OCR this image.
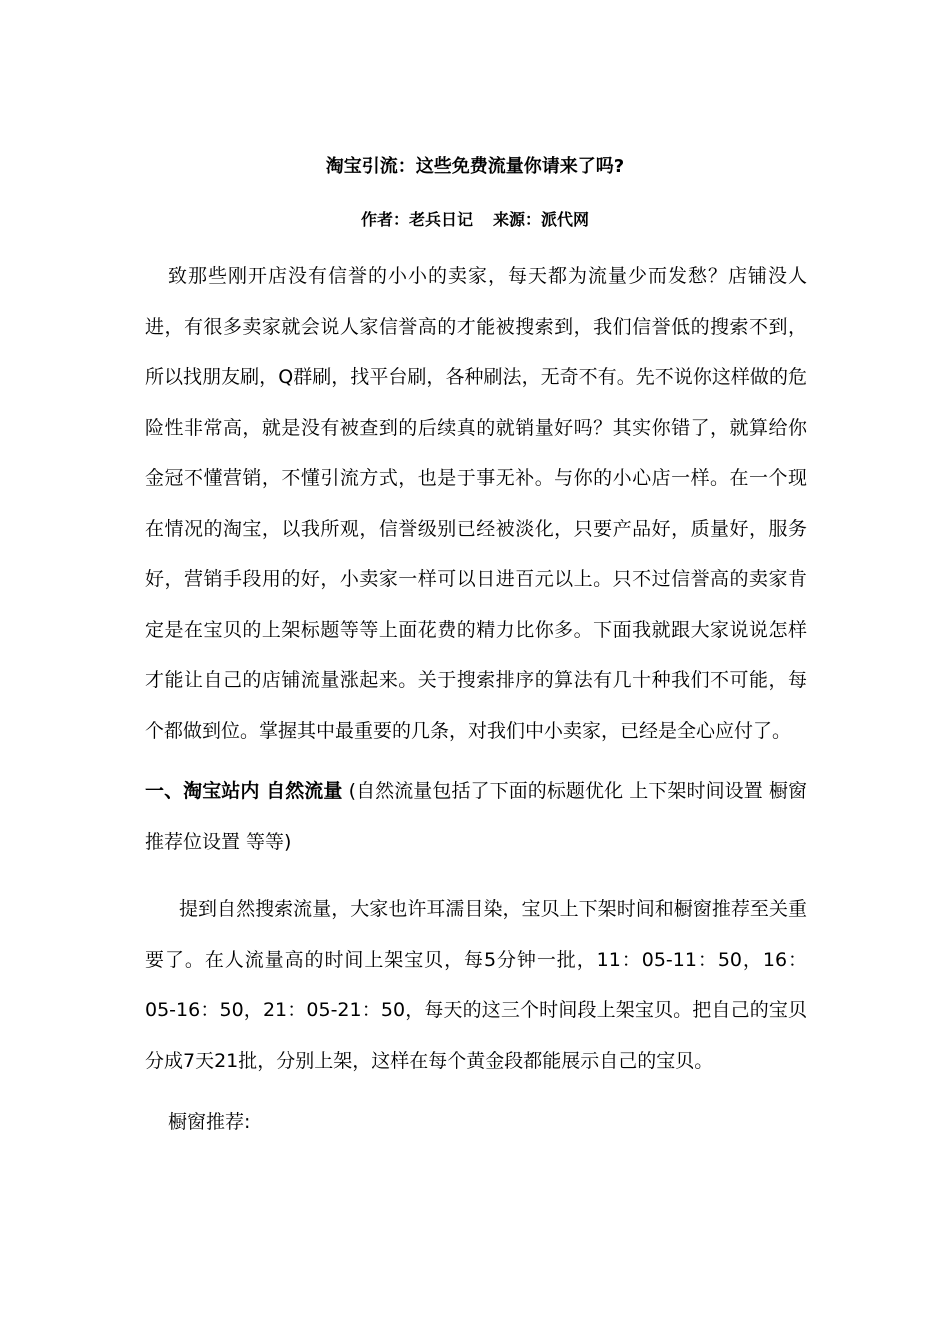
淘宝引流：这些免费流量你请来了吗?
作者：老兵日记 来源：派代网

致那些刚开店没有信誉的小小的卖家，每天都为流量少而发愁？店铺没人进，有很多卖家就会说人家信誉高的才能被搜索到，我们信誉低的搜索不到，所以找朋友刷，Q群刷，找平台刷，各种刷法，无奇不有。先不说你这样做的危险性非常高，就是没有被查到的后续真的就销量好吗？其实你错了，就算给你金冠不懂营销，不懂引流方式，也是于事无补。与你的小心店一样。在一个现在情况的淘宝，以我所观，信誉级别已经被淡化，只要产品好，质量好，服务好，营销手段用的好，小卖家一样可以日进百元以上。只不过信誉高的卖家肯定是在宝贝的上架标题等等上面花费的精力比你多。下面我就跟大家说说怎样才能让自己的店铺流量涨起来。关于搜索排序的算法有几十种我们不可能，每个都做到位。掌握其中最重要的几条，对我们中小卖家，已经是全心应付了。

一、淘宝站内 自然流量 (自然流量包括了下面的标题优化 上下架时间设置 橱窗推荐位设置 等等)

提到自然搜索流量，大家也许耳濡目染，宝贝上下架时间和橱窗推荐至关重要了。在人流量高的时间上架宝贝，每5分钟一批，11：05-11：50，16：05-16：50，21：05-21：50，每天的这三个时间段上架宝贝。把自己的宝贝分成7天21批，分别上架，这样在每个黄金段都能展示自己的宝贝。

橱窗推荐:
